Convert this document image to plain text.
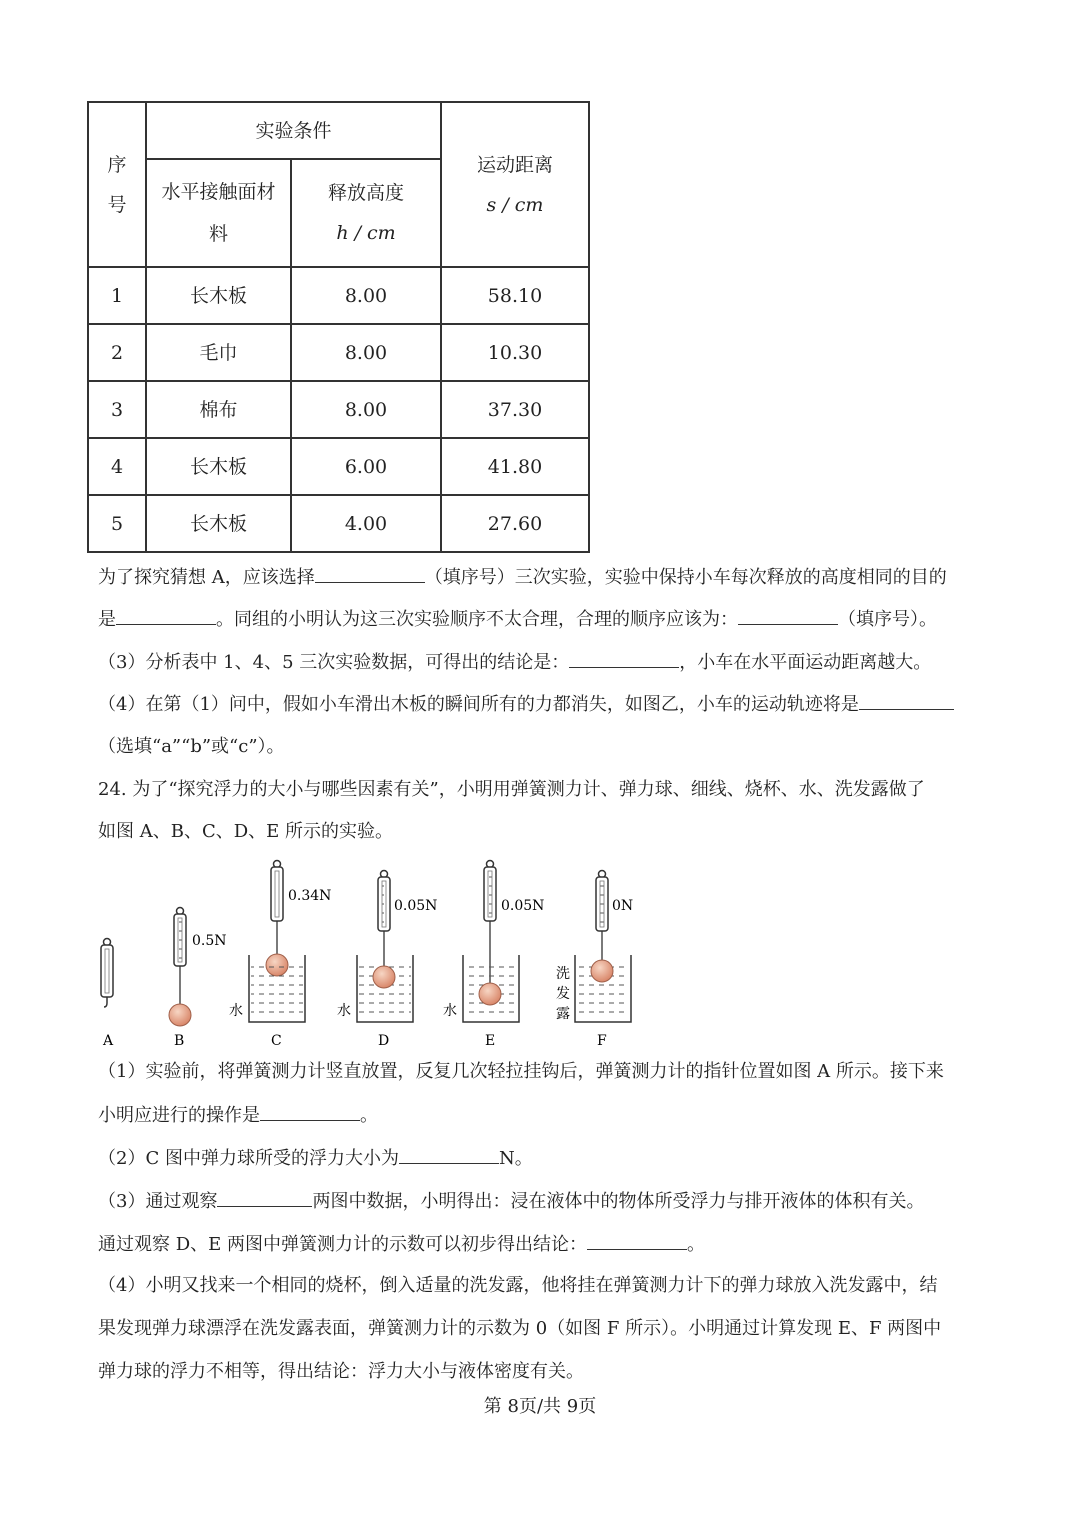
序号	实验条件		运动距离
s / cm

	水平接触面材料	释放高度
h / cm	

1	长木板	8.00	58.10
2	毛巾	8.00	10.30
3	棉布	8.00	37.30
4	长木板	6.00	41.80
5	长木板	4.00	27.60
为了探究猜想 A，应该选择	（填序号）三次实验，实验中保持小车每次释放的高度相同的目的
是	。同组的小明认为这三次实验顺序不太合理，合理的顺序应该为：	（填序号）。
（3）分析表中 1、4、5 三次实验数据，可得出的结论是：	，小车在水平面运动距离越大。
（4）在第（1）问中，假如小车滑出木板的瞬间所有的力都消失，如图乙，小车的运动轨迹将是
（选填“a”“b”或“c”）。
24. 为了“探究浮力的大小与哪些因素有关”，小明用弹簧测力计、弹力球、细线、烧杯、水、洗发露做了
如图 A、B、C、D、E 所示的实验。
A
0.5N
B
0.34N
水
C
0.05N
水
D
0.05N
水
E
0N
洗
发
露
F
（1）实验前，将弹簧测力计竖直放置，反复几次轻拉挂钩后，弹簧测力计的指针位置如图 A 所示。接下来
小明应进行的操作是	。
（2）C 图中弹力球所受的浮力大小为	N。
（3）通过观察	两图中数据，小明得出：浸在液体中的物体所受浮力与排开液体的体积有关。
通过观察 D、E 两图中弹簧测力计的示数可以初步得出结论：	。
（4）小明又找来一个相同的烧杯，倒入适量的洗发露，他将挂在弹簧测力计下的弹力球放入洗发露中，结
果发现弹力球漂浮在洗发露表面，弹簧测力计的示数为 0（如图 F 所示）。小明通过计算发现 E、F 两图中
弹力球的浮力不相等，得出结论：浮力大小与液体密度有关。
第 8页/共 9页
